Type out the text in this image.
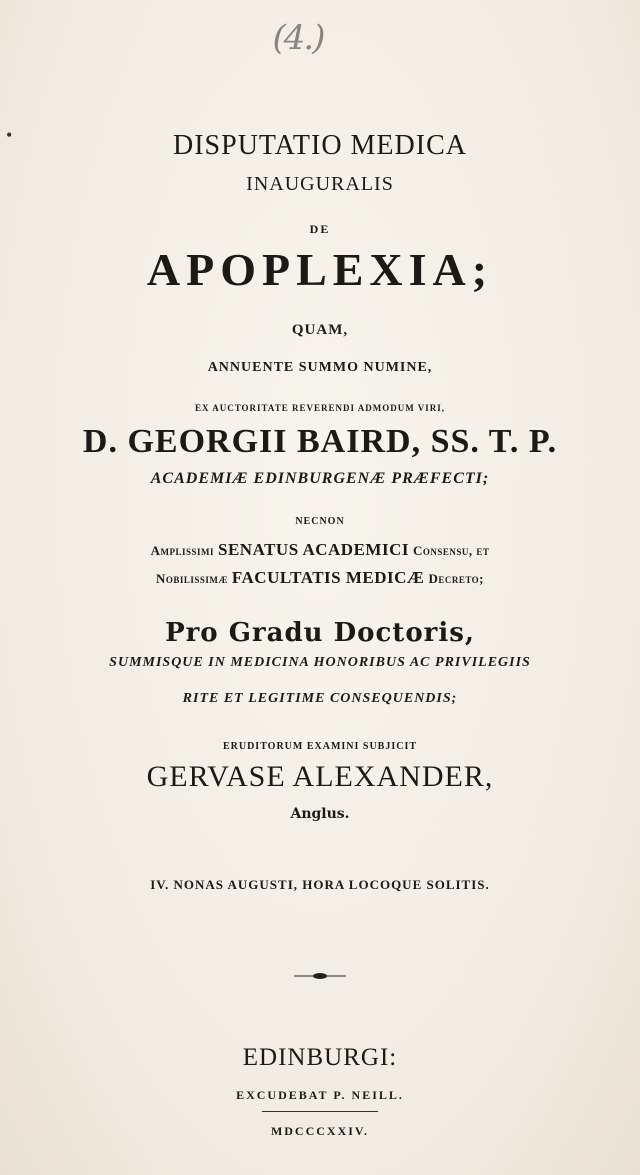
(4.)
•	DISPUTATIO MEDICA
INAUGURALIS
DE
APOPLEXIA;
QUAM,
ANNUENTE SUMMO NUMINE,
EX AUCTORITATE REVERENDI ADMODUM VIRI,
D. GEORGII BAIRD, SS. T. P.
ACADEMIÆ EDINBURGENÆ PRÆFECTI;
NECNON
Amplissimi SENATUS ACADEMICI Consensu, et
Nobilissimæ FACULTATIS MEDICÆ Decreto;
Pro Gradu Doctoris,
SUMMISQUE IN MEDICINA HONORIBUS AC PRIVILEGIIS
RITE ET LEGITIME CONSEQUENDIS;
ERUDITORUM EXAMINI SUBJICIT
GERVASE ALEXANDER,
Anglus.
IV. NONAS AUGUSTI, HORA LOCOQUE SOLITIS.
EDINBURGI:
EXCUDEBAT P. NEILL.
MDCCCXXIV.
